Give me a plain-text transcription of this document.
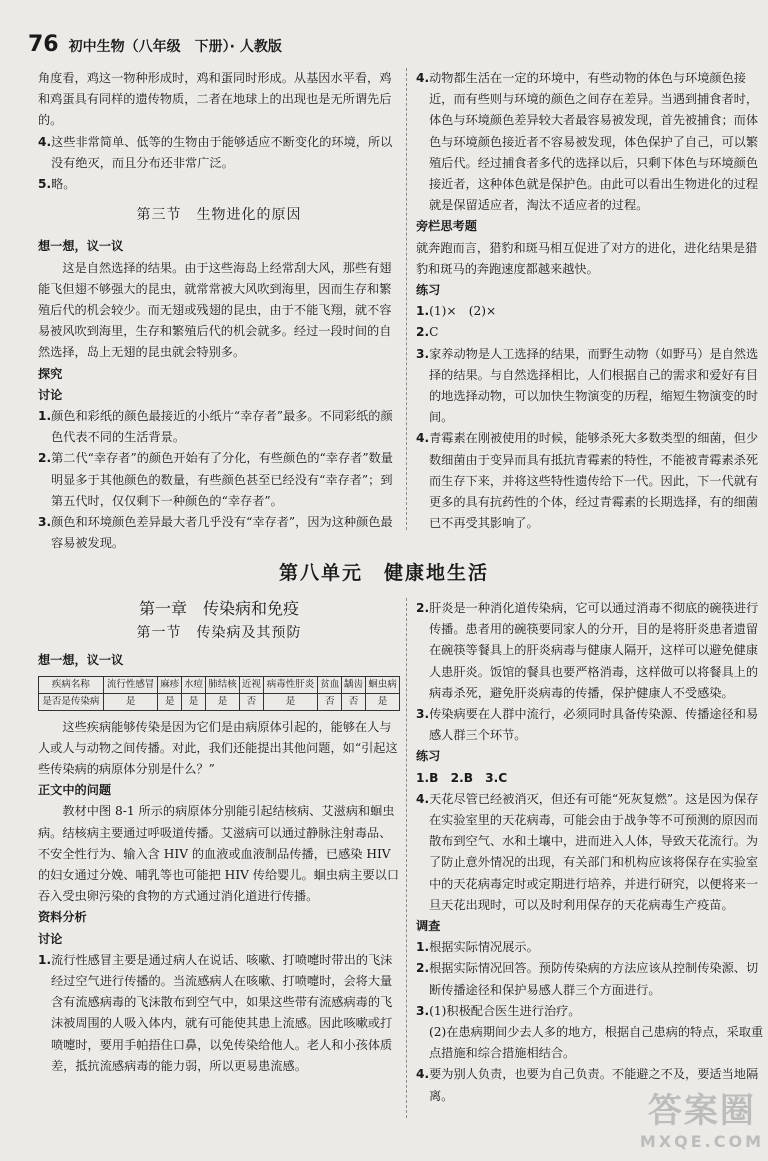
76 初中生物（八年级　下册）· 人教版

角度看，鸡这一物种形成时，鸡和蛋同时形成。从基因水平看，鸡和鸡蛋具有同样的遗传物质，二者在地球上的出现也是无所谓先后的。

4.这些非常简单、低等的生物由于能够适应不断变化的环境，所以没有绝灭，而且分布还非常广泛。

5.略。

第三节　生物进化的原因

想一想，议一议

这是自然选择的结果。由于这些海岛上经常刮大风，那些有翅能飞但翅不够强大的昆虫，就常常被大风吹到海里，因而生存和繁殖后代的机会较少。而无翅或残翅的昆虫，由于不能飞翔，就不容易被风吹到海里，生存和繁殖后代的机会就多。经过一段时间的自然选择，岛上无翅的昆虫就会特别多。

探究

讨论

1.颜色和彩纸的颜色最接近的小纸片“幸存者”最多。不同彩纸的颜色代表不同的生活背景。

2.第二代“幸存者”的颜色开始有了分化，有些颜色的“幸存者”数量明显多于其他颜色的数量，有些颜色甚至已经没有“幸存者”；到第五代时，仅仅剩下一种颜色的“幸存者”。

3.颜色和环境颜色差异最大者几乎没有“幸存者”，因为这种颜色最容易被发现。

4.动物都生活在一定的环境中，有些动物的体色与环境颜色接近，而有些则与环境的颜色之间存在差异。当遇到捕食者时，体色与环境颜色差异较大者最容易被发现，首先被捕食；而体色与环境颜色接近者不容易被发现，体色保护了自己，可以繁殖后代。经过捕食者多代的选择以后，只剩下体色与环境颜色接近者，这种体色就是保护色。由此可以看出生物进化的过程就是保留适应者，淘汰不适应者的过程。

旁栏思考题

就奔跑而言，猎豹和斑马相互促进了对方的进化，进化结果是猎豹和斑马的奔跑速度都越来越快。

练习

1.(1)×　(2)×

2.C

3.家养动物是人工选择的结果，而野生动物（如野马）是自然选择的结果。与自然选择相比，人们根据自己的需求和爱好有目的地选择动物，可以加快生物演变的历程，缩短生物演变的时间。

4.青霉素在刚被使用的时候，能够杀死大多数类型的细菌，但少数细菌由于变异而具有抵抗青霉素的特性，不能被青霉素杀死而生存下来，并将这些特性遗传给下一代。因此，下一代就有更多的具有抗药性的个体，经过青霉素的长期选择，有的细菌已不再受其影响了。

第八单元　健康地生活
第一章　传染病和免疫
第一节　传染病及其预防

想一想，议一议

疾病名称	流行性感冒	麻疹	水痘	肺结核	近视	病毒性肝炎	贫血	龋齿	蛔虫病
是否是传染病	是	是	是	是	否	是	否	否	是

这些疾病能够传染是因为它们是由病原体引起的，能够在人与人或人与动物之间传播。对此，我们还能提出其他问题，如“引起这些传染病的病原体分别是什么？”

正文中的问题

教材中图 8-1 所示的病原体分别能引起结核病、艾滋病和蛔虫病。结核病主要通过呼吸道传播。艾滋病可以通过静脉注射毒品、不安全性行为、输入含 HIV 的血液或血液制品传播，已感染 HIV 的妇女通过分娩、哺乳等也可能把 HIV 传给婴儿。蛔虫病主要以口吞入受虫卵污染的食物的方式通过消化道进行传播。

资料分析

讨论

1.流行性感冒主要是通过病人在说话、咳嗽、打喷嚏时带出的飞沫经过空气进行传播的。当流感病人在咳嗽、打喷嚏时，会将大量含有流感病毒的飞沫散布到空气中，如果这些带有流感病毒的飞沫被周围的人吸入体内，就有可能使其患上流感。因此咳嗽或打喷嚏时，要用手帕捂住口鼻，以免传染给他人。老人和小孩体质差，抵抗流感病毒的能力弱，所以更易患流感。

2.肝炎是一种消化道传染病，它可以通过消毒不彻底的碗筷进行传播。患者用的碗筷要同家人的分开，目的是将肝炎患者遗留在碗筷等餐具上的肝炎病毒与健康人隔开，这样可以避免健康人患肝炎。饭馆的餐具也要严格消毒，这样做可以将餐具上的病毒杀死，避免肝炎病毒的传播，保护健康人不受感染。

3.传染病要在人群中流行，必须同时具备传染源、传播途径和易感人群三个环节。

练习

1.B　2.B　3.C

4.天花尽管已经被消灭，但还有可能“死灰复燃”。这是因为保存在实验室里的天花病毒，可能会由于战争等不可预测的原因而散布到空气、水和土壤中，进而进入人体，导致天花流行。为了防止意外情况的出现，有关部门和机构应该将保存在实验室中的天花病毒定时或定期进行培养，并进行研究，以便将来一旦天花出现时，可以及时利用保存的天花病毒生产疫苗。

调查

1.根据实际情况展示。

2.根据实际情况回答。预防传染病的方法应该从控制传染源、切断传播途径和保护易感人群三个方面进行。

3.(1)积极配合医生进行治疗。

(2)在患病期间少去人多的地方，根据自己患病的特点，采取重点措施和综合措施相结合。

4.要为别人负责，也要为自己负责。不能避之不及，要适当地隔离。	答案圈
MXQE.COM
